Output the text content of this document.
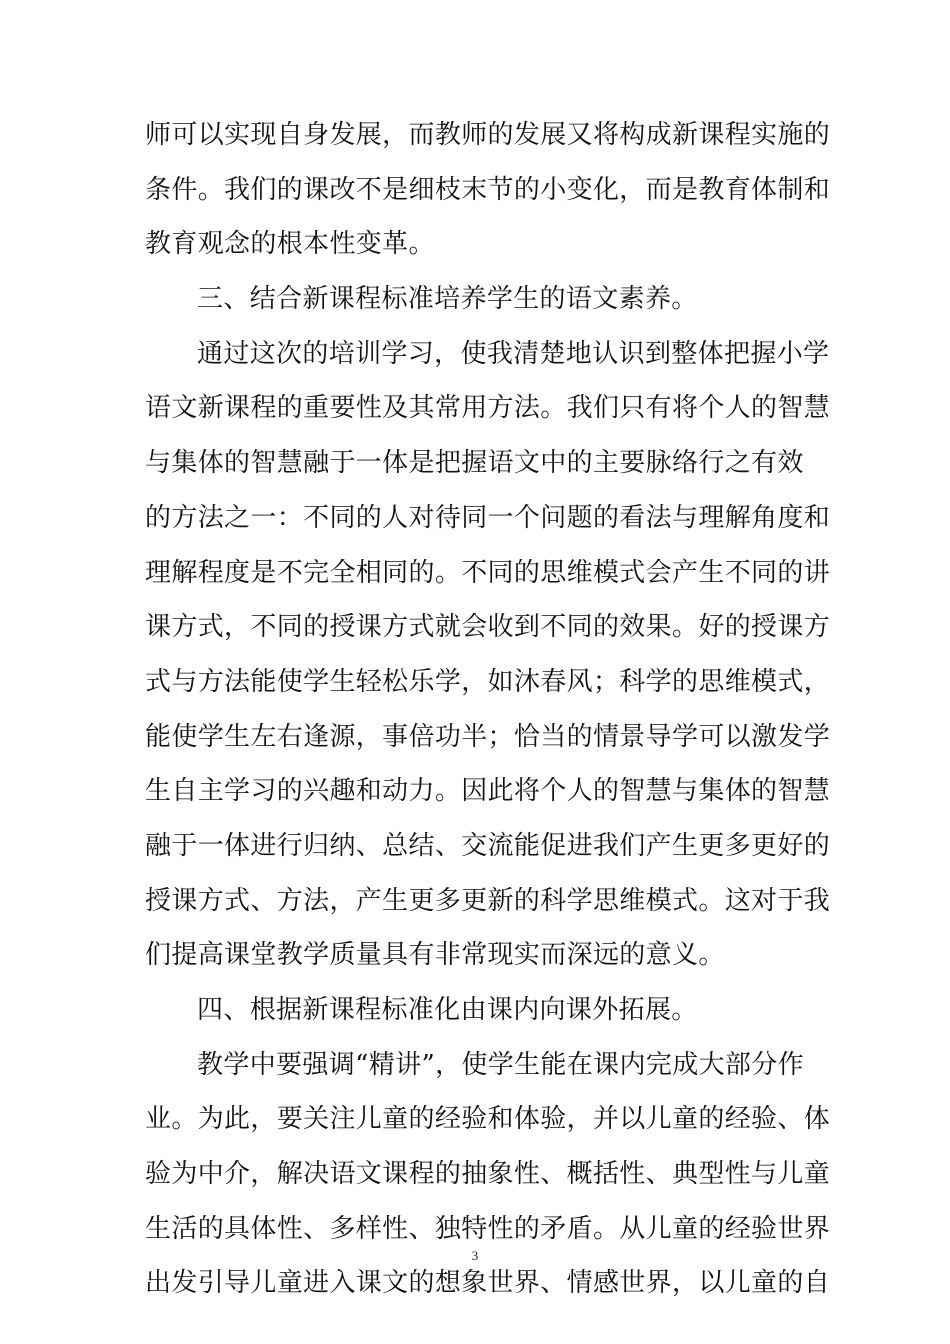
师可以实现自身发展，而教师的发展又将构成新课程实施的
条件。我们的课改不是细枝末节的小变化，而是教育体制和
教育观念的根本性变革。
三、结合新课程标准培养学生的语文素养。
通过这次的培训学习，使我清楚地认识到整体把握小学
语文新课程的重要性及其常用方法。我们只有将个人的智慧
与集体的智慧融于一体是把握语文中的主要脉络行之有效
的方法之一：不同的人对待同一个问题的看法与理解角度和
理解程度是不完全相同的。不同的思维模式会产生不同的讲
课方式，不同的授课方式就会收到不同的效果。好的授课方
式与方法能使学生轻松乐学，如沐春风；科学的思维模式，
能使学生左右逢源，事倍功半；恰当的情景导学可以激发学
生自主学习的兴趣和动力。因此将个人的智慧与集体的智慧
融于一体进行归纳、总结、交流能促进我们产生更多更好的
授课方式、方法，产生更多更新的科学思维模式。这对于我
们提高课堂教学质量具有非常现实而深远的意义。
四、根据新课程标准化由课内向课外拓展。
教学中要强调“精讲”，使学生能在课内完成大部分作
业。为此，要关注儿童的经验和体验，并以儿童的经验、体
验为中介，解决语文课程的抽象性、概括性、典型性与儿童
生活的具体性、多样性、独特性的矛盾。从儿童的经验世界
出发引导儿童进入课文的想象世界、情感世界，以儿童的自
3
